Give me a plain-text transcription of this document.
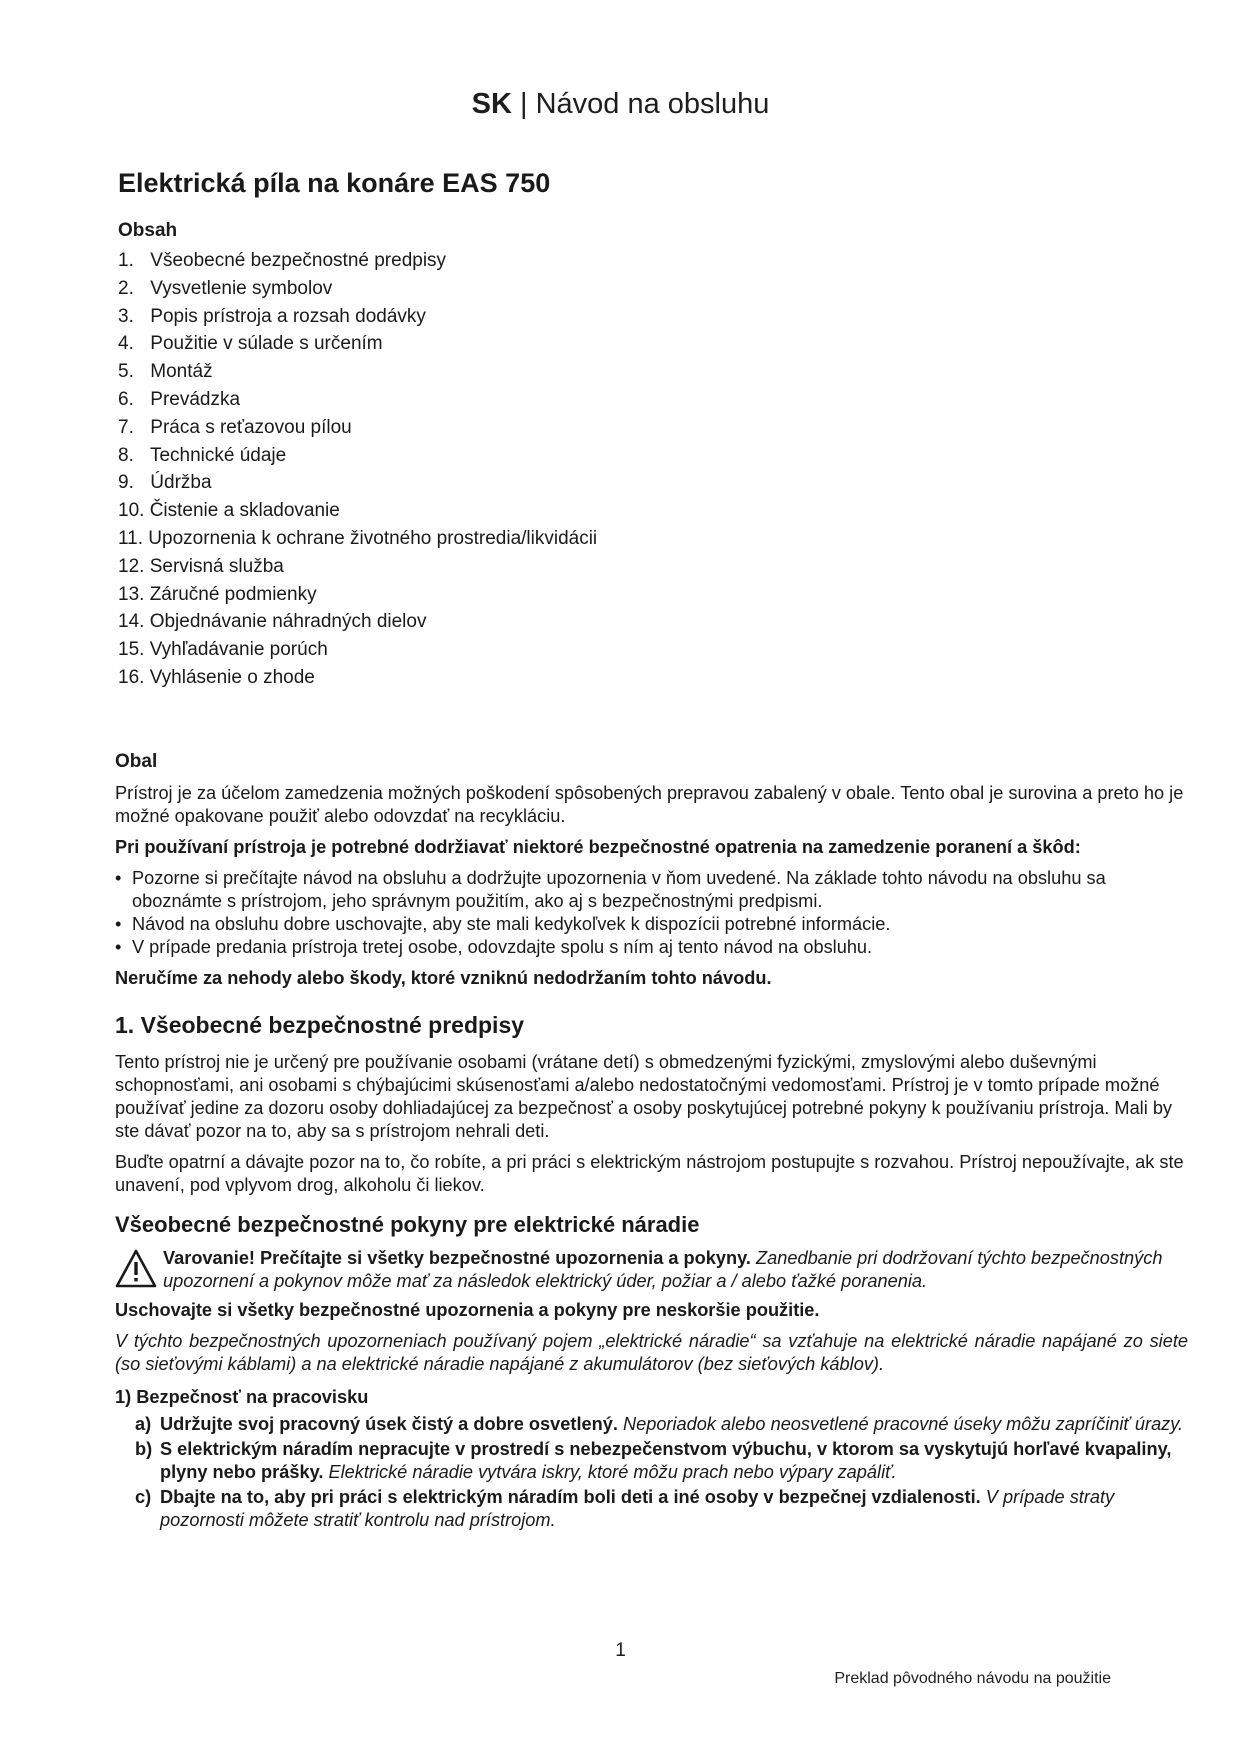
SK | Návod na obsluhu
Elektrická píla na konáre EAS 750
Obsah
1. Všeobecné bezpečnostné predpisy
2. Vysvetlenie symbolov
3. Popis prístroja a rozsah dodávky
4. Použitie v súlade s určením
5. Montáž
6. Prevádzka
7. Práca s reťazovou pílou
8. Technické údaje
9. Údržba
10. Čistenie a skladovanie
11. Upozornenia k ochrane životného prostredia/likvidácii
12. Servisná služba
13. Záručné podmienky
14. Objednávanie náhradných dielov
15. Vyhľadávanie porúch
16. Vyhlásenie o zhode
Obal

Prístroj je za účelom zamedzenia možných poškodení spôsobených prepravou zabalený v obale. Tento obal je surovina a preto ho je možné opakovane použiť alebo odovzdať na recykláciu.

Pri používaní prístroja je potrebné dodržiavať niektoré bezpečnostné opatrenia na zamedzenie poranení a škôd:

• Pozorne si prečítajte návod na obsluhu a dodržujte upozornenia v ňom uvedené. Na základe tohto návodu na obsluhu sa oboznámte s prístrojom, jeho správnym použitím, ako aj s bezpečnostnými predpismi.
• Návod na obsluhu dobre uschovajte, aby ste mali kedykoľvek k dispozícii potrebné informácie.
• V prípade predania prístroja tretej osobe, odovzdajte spolu s ním aj tento návod na obsluhu.

Neručíme za nehody alebo škody, ktoré vzniknú nedodržaním tohto návodu.

1. Všeobecné bezpečnostné predpisy

Tento prístroj nie je určený pre používanie osobami (vrátane detí) s obmedzenými fyzickými, zmyslovými alebo duševnými schopnosťami, ani osobami s chýbajúcimi skúsenosťami a/alebo nedostatočnými vedomosťami. Prístroj je v tomto prípade možné používať jedine za dozoru osoby dohliadajúcej za bezpečnosť a osoby poskytujúcej potrebné pokyny k používaniu prístroja. Mali by ste dávať pozor na to, aby sa s prístrojom nehrali deti.

Buďte opatrní a dávajte pozor na to, čo robíte, a pri práci s elektrickým nástrojom postupujte s rozvahou. Prístroj nepoužívajte, ak ste unavení, pod vplyvom drog, alkoholu či liekov.

Všeobecné bezpečnostné pokyny pre elektrické náradie
Varovanie! Prečítajte si všetky bezpečnostné upozornenia a pokyny. Zanedbanie pri dodržovaní týchto bezpečnostných upozornení a pokynov môže mať za následok elektrický úder, požiar a / alebo ťažké poranenia.

Uschovajte si všetky bezpečnostné upozornenia a pokyny pre neskoršie použitie.

V týchto bezpečnostných upozorneniach používaný pojem „elektrické náradie“ sa vzťahuje na elektrické náradie napájané zo siete (so sieťovými káblami) a na elektrické náradie napájané z akumulátorov (bez sieťových káblov).

1) Bezpečnosť na pracovisku
a) Udržujte svoj pracovný úsek čistý a dobre osvetlený. Neporiadok alebo neosvetlené pracovné úseky môžu zapríčiniť úrazy.
b) S elektrickým náradím nepracujte v prostredí s nebezpečenstvom výbuchu, v ktorom sa vyskytujú horľavé kvapaliny, plyny nebo prášky. Elektrické náradie vytvára iskry, ktoré môžu prach nebo výpary zapáliť.
c) Dbajte na to, aby pri práci s elektrickým náradím boli deti a iné osoby v bezpečnej vzdialenosti. V prípade straty pozornosti môžete stratiť kontrolu nad prístrojom.
1
Preklad pôvodného návodu na použitie
